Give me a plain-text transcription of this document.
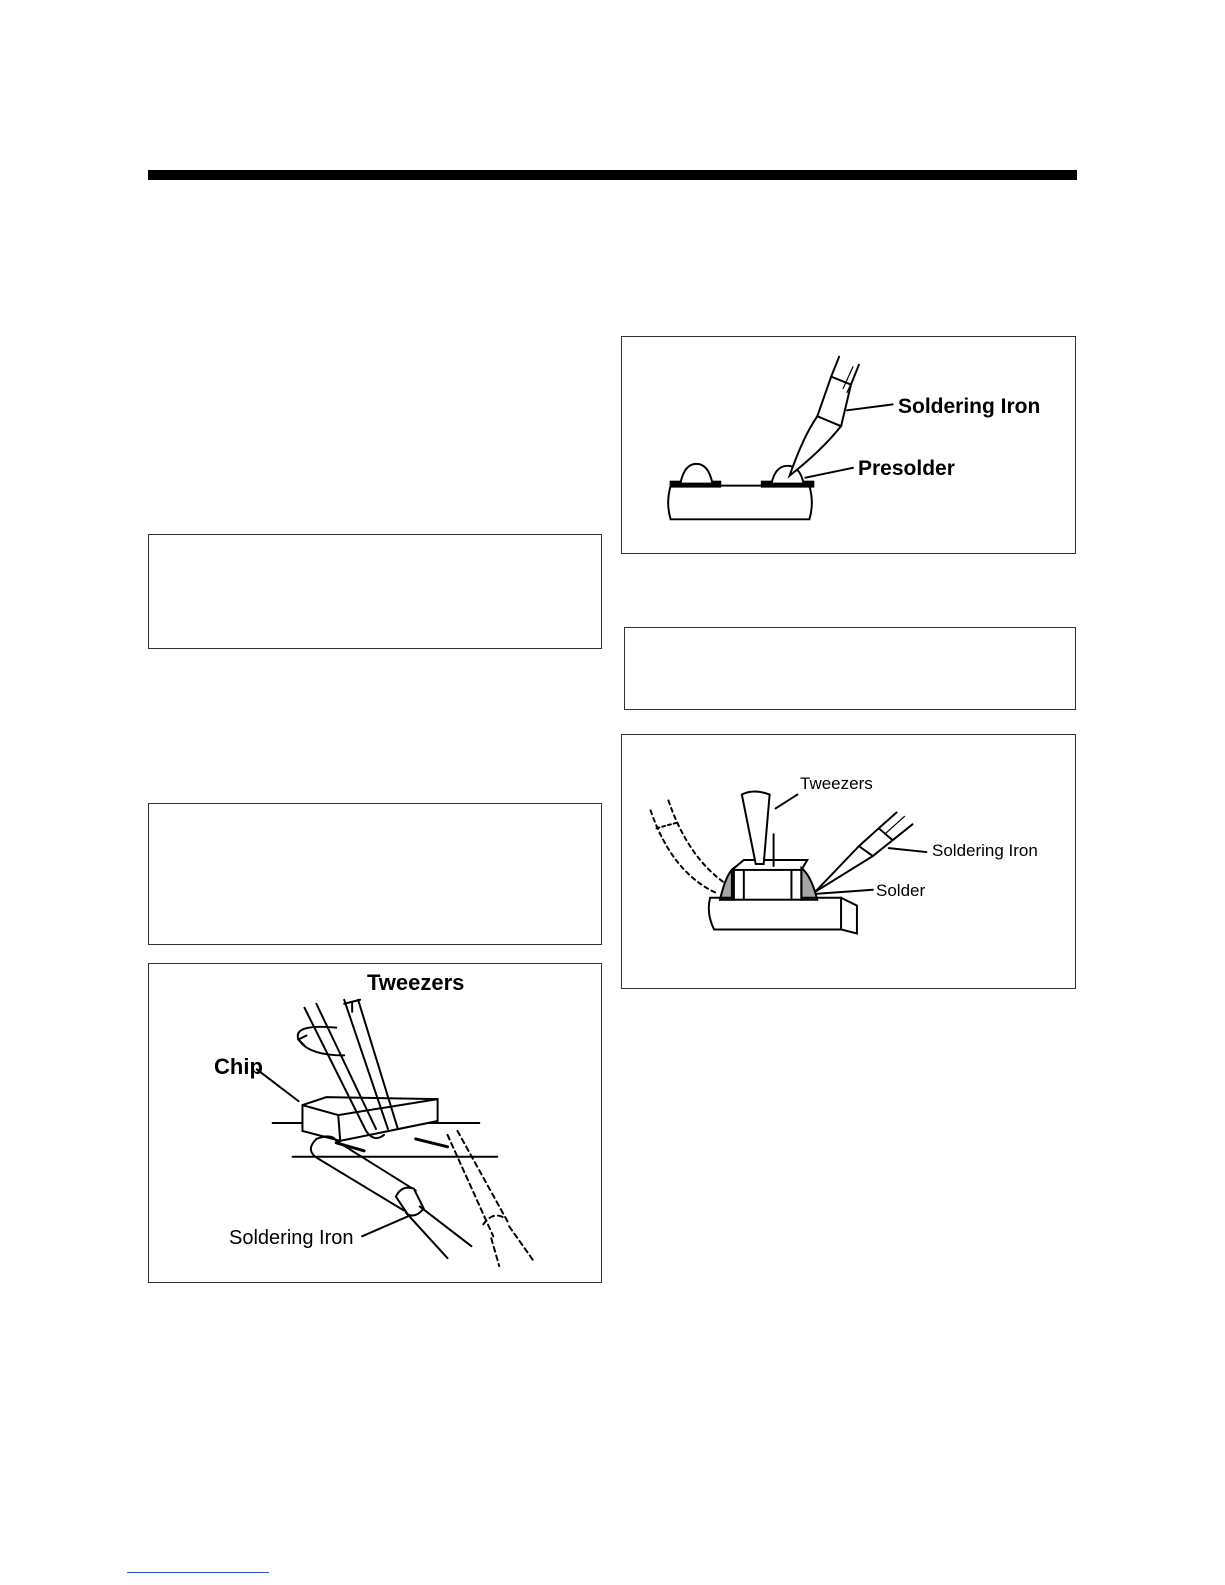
Soldering Iron
Presolder
Tweezers
Soldering Iron
Solder
Tweezers
Chip
Soldering Iron
